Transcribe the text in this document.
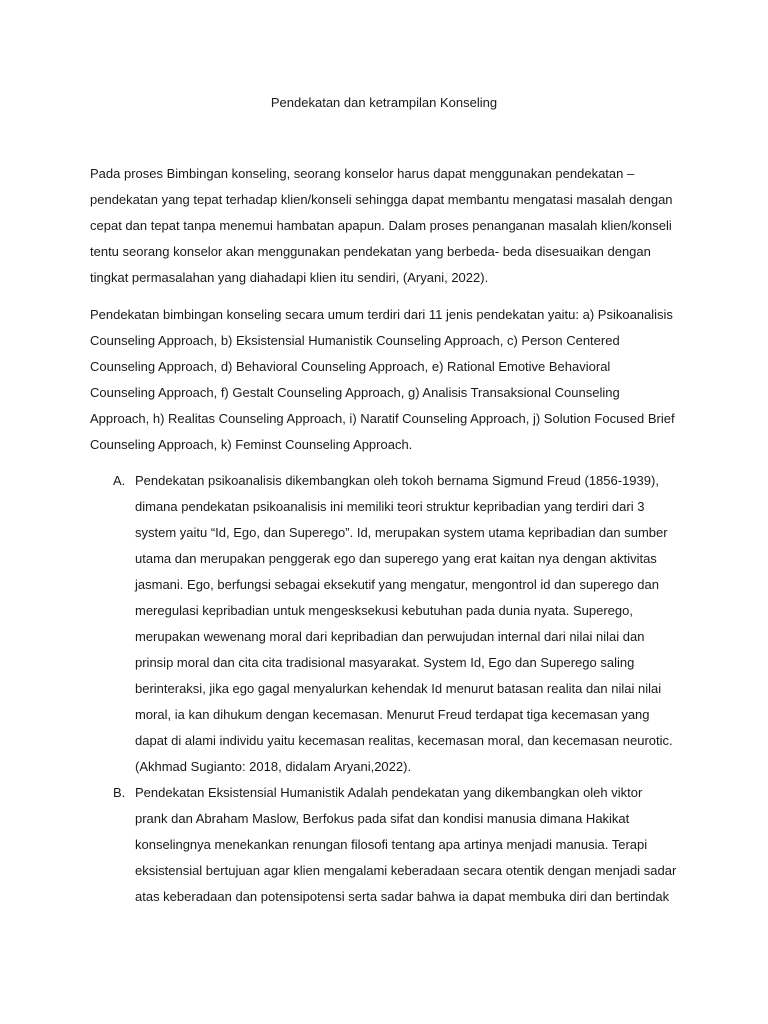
Pendekatan dan ketrampilan Konseling

Pada proses Bimbingan konseling, seorang konselor harus dapat menggunakan pendekatan – pendekatan yang tepat terhadap klien/konseli sehingga dapat membantu mengatasi masalah dengan cepat dan tepat tanpa menemui hambatan apapun. Dalam proses penanganan masalah klien/konseli tentu seorang konselor akan menggunakan pendekatan yang berbeda- beda disesuaikan dengan tingkat permasalahan yang diahadapi klien itu sendiri, (Aryani, 2022).

Pendekatan bimbingan konseling secara umum terdiri dari 11 jenis pendekatan yaitu: a) Psikoanalisis Counseling Approach, b) Eksistensial Humanistik Counseling Approach, c) Person Centered Counseling Approach, d) Behavioral Counseling Approach, e) Rational Emotive Behavioral Counseling Approach, f) Gestalt Counseling Approach, g) Analisis Transaksional Counseling Approach, h) Realitas Counseling Approach, i) Naratif Counseling Approach, j) Solution Focused Brief Counseling Approach, k) Feminst Counseling Approach.

A. Pendekatan psikoanalisis dikembangkan oleh tokoh bernama Sigmund Freud (1856-1939), dimana pendekatan psikoanalisis ini memiliki teori struktur kepribadian yang terdiri dari 3 system yaitu “Id, Ego, dan Superego”. Id, merupakan system utama kepribadian dan sumber utama dan merupakan penggerak ego dan superego yang erat kaitan nya dengan aktivitas jasmani. Ego, berfungsi sebagai eksekutif yang mengatur, mengontrol id dan superego dan meregulasi kepribadian untuk mengesksekusi kebutuhan pada dunia nyata. Superego, merupakan wewenang moral dari kepribadian dan perwujudan internal dari nilai nilai dan prinsip moral dan cita cita tradisional masyarakat. System Id, Ego dan Superego saling berinteraksi, jika ego gagal menyalurkan kehendak Id menurut batasan realita dan nilai nilai moral, ia kan dihukum dengan kecemasan. Menurut Freud terdapat tiga kecemasan yang dapat di alami individu yaitu kecemasan realitas, kecemasan moral, dan kecemasan neurotic. (Akhmad Sugianto: 2018, didalam Aryani,2022).
B. Pendekatan Eksistensial Humanistik Adalah pendekatan yang dikembangkan oleh viktor prank dan Abraham Maslow, Berfokus pada sifat dan kondisi manusia dimana Hakikat konselingnya menekankan renungan filosofi tentang apa artinya menjadi manusia. Terapi eksistensial bertujuan agar klien mengalami keberadaan secara otentik dengan menjadi sadar atas keberadaan dan potensipotensi serta sadar bahwa ia dapat membuka diri dan bertindak
